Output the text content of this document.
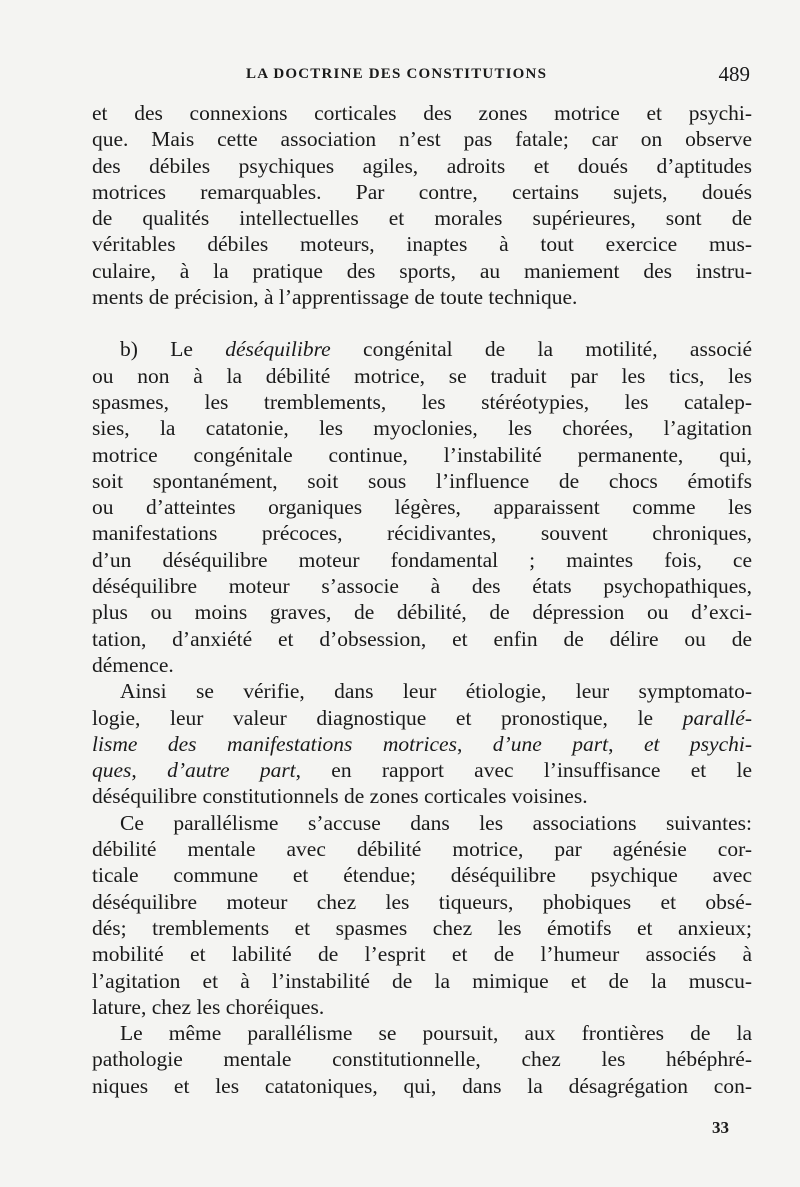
LA DOCTRINE DES CONSTITUTIONS	489
et des connexions corticales des zones motrice et psychi-
que. Mais cette association n’est pas fatale; car on observe
des débiles psychiques agiles, adroits et doués d’aptitudes
motrices remarquables. Par contre, certains sujets, doués
de qualités intellectuelles et morales supérieures, sont de
véritables débiles moteurs, inaptes à tout exercice mus-
culaire, à la pratique des sports, au maniement des instru-
ments de précision, à l’apprentissage de toute technique.
b) Le déséquilibre congénital de la motilité, associé
ou non à la débilité motrice, se traduit par les tics, les
spasmes, les tremblements, les stéréotypies, les catalep-
sies, la catatonie, les myoclonies, les chorées, l’agitation
motrice congénitale continue, l’instabilité permanente, qui,
soit spontanément, soit sous l’influence de chocs émotifs
ou d’atteintes organiques légères, apparaissent comme les
manifestations précoces, récidivantes, souvent chroniques,
d’un déséquilibre moteur fondamental ; maintes fois, ce
déséquilibre moteur s’associe à des états psychopathiques,
plus ou moins graves, de débilité, de dépression ou d’exci-
tation, d’anxiété et d’obsession, et enfin de délire ou de
démence.
Ainsi se vérifie, dans leur étiologie, leur symptomato-
logie, leur valeur diagnostique et pronostique, le parallé-
lisme des manifestations motrices, d’une part, et psychi-
ques, d’autre part, en rapport avec l’insuffisance et le
déséquilibre constitutionnels de zones corticales voisines.
Ce parallélisme s’accuse dans les associations suivantes:
débilité mentale avec débilité motrice, par agénésie cor-
ticale commune et étendue; déséquilibre psychique avec
déséquilibre moteur chez les tiqueurs, phobiques et obsé-
dés; tremblements et spasmes chez les émotifs et anxieux;
mobilité et labilité de l’esprit et de l’humeur associés à
l’agitation et à l’instabilité de la mimique et de la muscu-
lature, chez les choréiques.
Le même parallélisme se poursuit, aux frontières de la
pathologie mentale constitutionnelle, chez les hébéphré-
niques et les catatoniques, qui, dans la désagrégation con-
33
